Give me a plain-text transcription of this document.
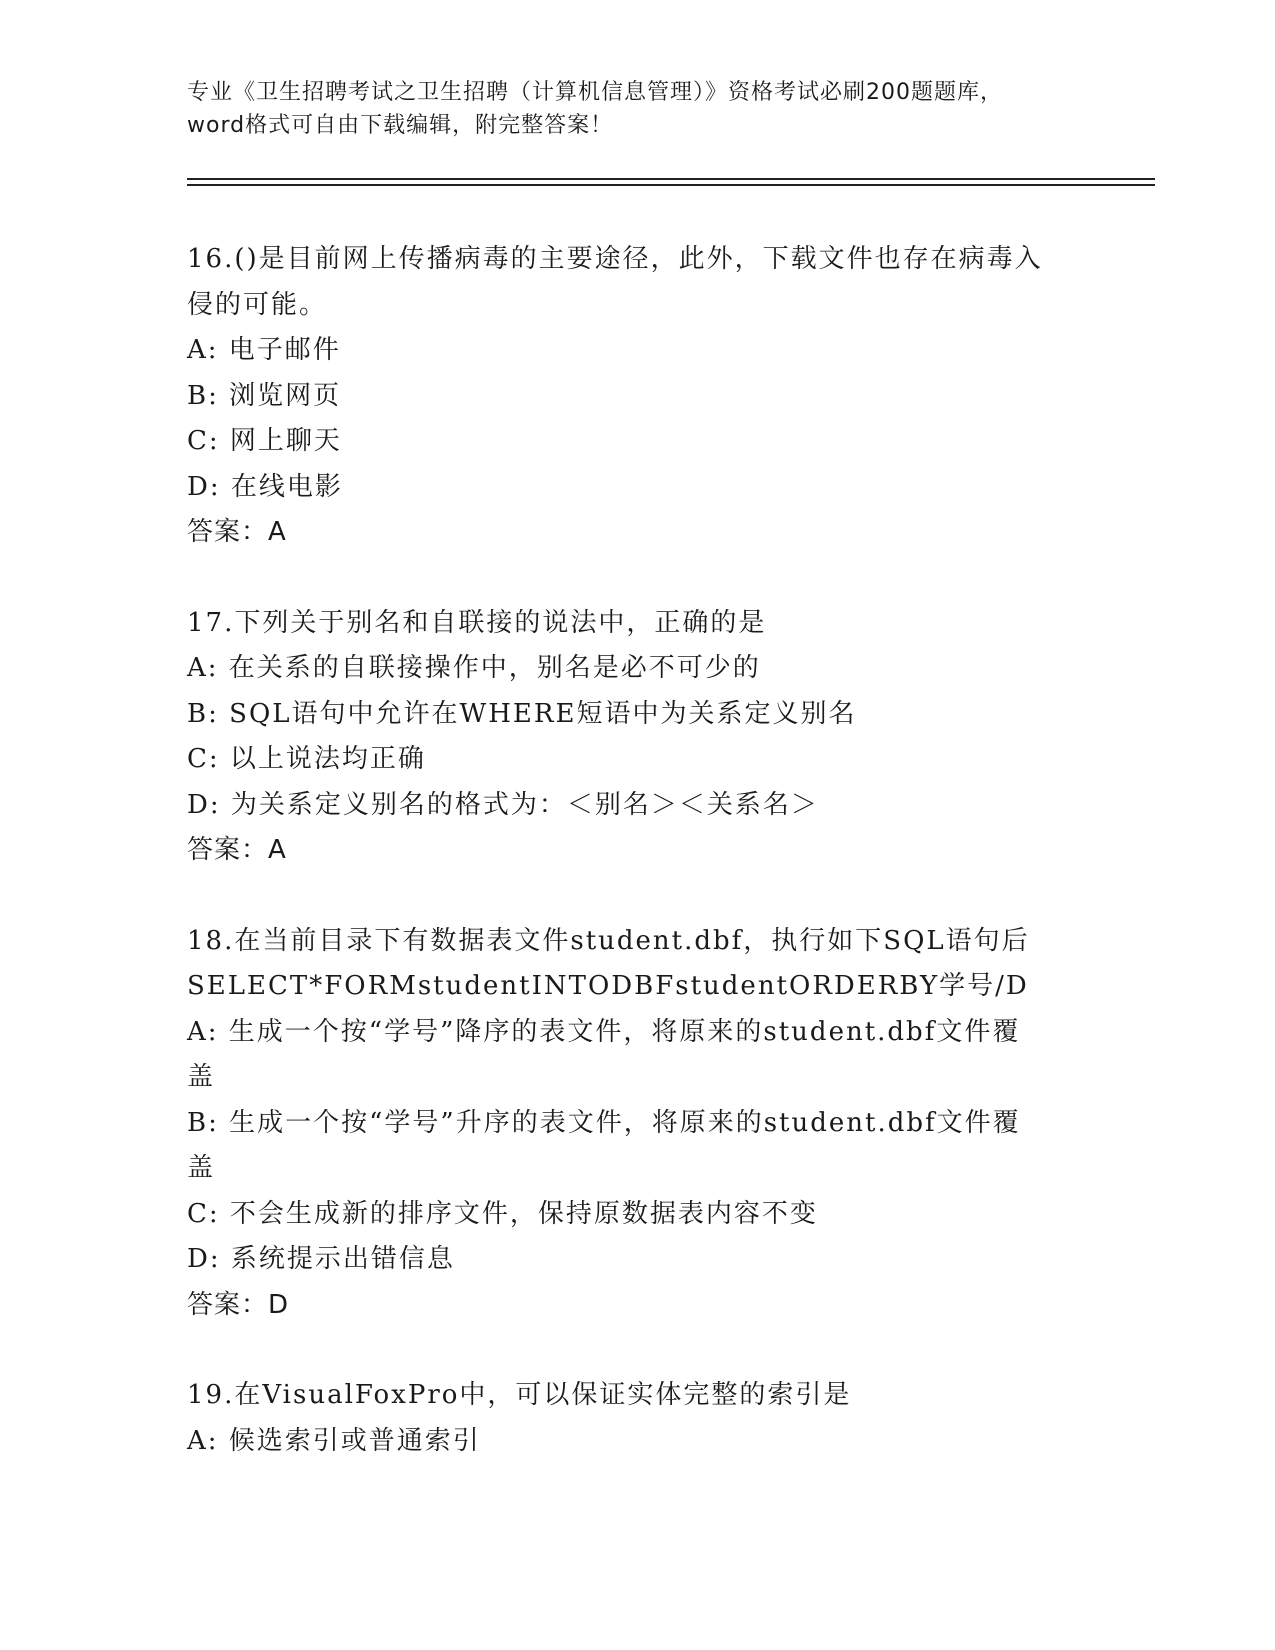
专业《卫生招聘考试之卫生招聘（计算机信息管理）》资格考试必刷200题题库，
word格式可自由下载编辑，附完整答案！
16.()是目前网上传播病毒的主要途径，此外，下载文件也存在病毒入
侵的可能。
A: 电子邮件
B: 浏览网页
C: 网上聊天
D: 在线电影
答案：A
17.下列关于别名和自联接的说法中，正确的是
A: 在关系的自联接操作中，别名是必不可少的
B: SQL语句中允许在WHERE短语中为关系定义别名
C: 以上说法均正确
D: 为关系定义别名的格式为：＜别名＞＜关系名＞
答案：A
18.在当前目录下有数据表文件student.dbf，执行如下SQL语句后
SELECT*FORMstudentINTODBFstudentORDERBY学号/D
A: 生成一个按“学号”降序的表文件，将原来的student.dbf文件覆
盖
B: 生成一个按“学号”升序的表文件，将原来的student.dbf文件覆
盖
C: 不会生成新的排序文件，保持原数据表内容不变
D: 系统提示出错信息
答案：D
19.在VisualFoxPro中，可以保证实体完整的索引是
A: 候选索引或普通索引
